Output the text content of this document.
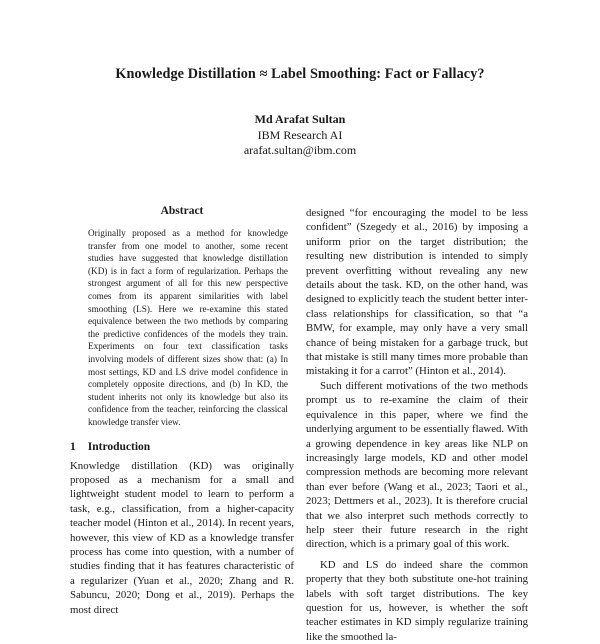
Knowledge Distillation ≈ Label Smoothing: Fact or Fallacy?
Md Arafat Sultan
IBM Research AI
arafat.sultan@ibm.com
Abstract
Originally proposed as a method for knowledge transfer from one model to another, some recent studies have suggested that knowledge distillation (KD) is in fact a form of regularization. Perhaps the strongest argument of all for this new perspective comes from its apparent similarities with label smoothing (LS). Here we re-examine this stated equivalence between the two methods by comparing the predictive confidences of the models they train. Experiments on four text classification tasks involving models of different sizes show that: (a) In most settings, KD and LS drive model confidence in completely opposite directions, and (b) In KD, the student inherits not only its knowledge but also its confidence from the teacher, reinforcing the classical knowledge transfer view.
1 Introduction
Knowledge distillation (KD) was originally proposed as a mechanism for a small and lightweight student model to learn to perform a task, e.g., classification, from a higher-capacity teacher model (Hinton et al., 2014). In recent years, however, this view of KD as a knowledge transfer process has come into question, with a number of studies finding that it has features characteristic of a regularizer (Yuan et al., 2020; Zhang and R. Sabuncu, 2020; Dong et al., 2019). Perhaps the most direct

designed “for encouraging the model to be less confident” (Szegedy et al., 2016) by imposing a uniform prior on the target distribution; the resulting new distribution is intended to simply prevent overfitting without revealing any new details about the task. KD, on the other hand, was designed to explicitly teach the student better inter-class relationships for classification, so that “a BMW, for example, may only have a very small chance of being mistaken for a garbage truck, but that mistake is still many times more probable than mistaking it for a carrot” (Hinton et al., 2014).

Such different motivations of the two methods prompt us to re-examine the claim of their equivalence in this paper, where we find the underlying argument to be essentially flawed. With a growing dependence in key areas like NLP on increasingly large models, KD and other model compression methods are becoming more relevant than ever before (Wang et al., 2023; Taori et al., 2023; Dettmers et al., 2023). It is therefore crucial that we also interpret such methods correctly to help steer their future research in the right direction, which is a primary goal of this work.

KD and LS do indeed share the common property that they both substitute one-hot training labels with soft target distributions. The key question for us, however, is whether the soft teacher estimates in KD simply regularize training like the smoothed la-
